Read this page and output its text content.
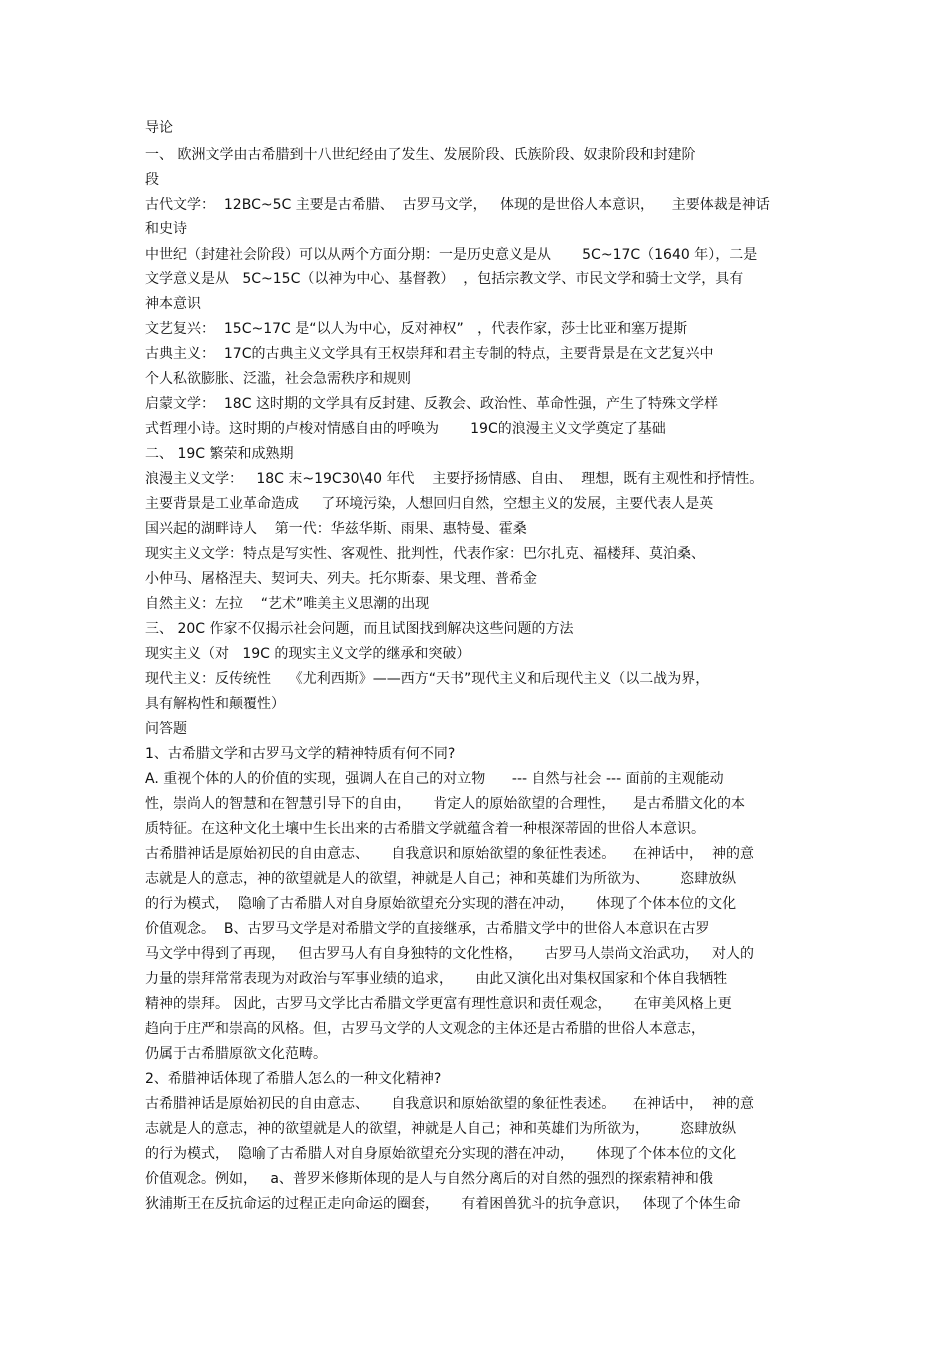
导论
一、 欧洲文学由古希腊到十八世纪经由了发生、发展阶段、氏族阶段、奴隶阶段和封建阶
段
古代文学：  12BC~5C 主要是古希腊、  古罗马文学，   体现的是世俗人本意识，    主要体裁是神话
和史诗
中世纪（封建社会阶段）可以从两个方面分期：一是历史意义是从       5C~17C（1640 年），二是
文学意义是从   5C~15C（以神为中心、基督教）  ，包括宗教文学、市民文学和骑士文学，具有
神本意识
文艺复兴：  15C~17C 是“以人为中心，反对神权”   ，代表作家，莎士比亚和塞万提斯
古典主义：  17C的古典主义文学具有王权崇拜和君主专制的特点，主要背景是在文艺复兴中
个人私欲膨胀、泛滥，社会急需秩序和规则
启蒙文学：  18C 这时期的文学具有反封建、反教会、政治性、革命性强，产生了特殊文学样
式哲理小诗。这时期的卢梭对情感自由的呼唤为       19C的浪漫主义文学奠定了基础
二、 19C 繁荣和成熟期
浪漫主义文学：   18C 末~19C30\40 年代    主要抒扬情感、自由、  理想，既有主观性和抒情性。
主要背景是工业革命造成     了环境污染，人想回归自然，空想主义的发展，主要代表人是英
国兴起的湖畔诗人    第一代：华兹华斯、雨果、惠特曼、霍桑
现实主义文学：特点是写实性、客观性、批判性，代表作家：巴尔扎克、福楼拜、莫泊桑、
小仲马、屠格涅夫、契诃夫、列夫。托尔斯泰、果戈理、普希金
自然主义：左拉    “艺术”唯美主义思潮的出现
三、 20C 作家不仅揭示社会问题，而且试图找到解决这些问题的方法
现实主义（对   19C 的现实主义文学的继承和突破）
现代主义：反传统性    《尤利西斯》——西方“天书”现代主义和后现代主义（以二战为界，
具有解构性和颠覆性）
问答题
1、古希腊文学和古罗马文学的精神特质有何不同?
A. 重视个体的人的价值的实现，强调人在自己的对立物      --- 自然与社会 --- 面前的主观能动
性，崇尚人的智慧和在智慧引导下的自由，     肯定人的原始欲望的合理性，    是古希腊文化的本
质特征。在这种文化土壤中生长出来的古希腊文学就蕴含着一种根深蒂固的世俗人本意识。
古希腊神话是原始初民的自由意志、     自我意识和原始欲望的象征性表述。    在神话中，  神的意
志就是人的意志，神的欲望就是人的欲望，神就是人自己；神和英雄们为所欲为、       恣肆放纵
的行为模式，  隐喻了古希腊人对自身原始欲望充分实现的潜在冲动，     体现了个体本位的文化
价值观念。  B、古罗马文学是对希腊文学的直接继承，古希腊文学中的世俗人本意识在古罗
马文学中得到了再现，   但古罗马人有自身独特的文化性格，     古罗马人崇尚文治武功，   对人的
力量的崇拜常常表现为对政治与军事业绩的追求，     由此又演化出对集权国家和个体自我牺牲
精神的崇拜。 因此，古罗马文学比古希腊文学更富有理性意识和责任观念，     在审美风格上更
趋向于庄严和崇高的风格。但，古罗马文学的人文观念的主体还是古希腊的世俗人本意志，
仍属于古希腊原欲文化范畴。
2、希腊神话体现了希腊人怎么的一种文化精神?
古希腊神话是原始初民的自由意志、     自我意识和原始欲望的象征性表述。    在神话中，  神的意
志就是人的意志，神的欲望就是人的欲望，神就是人自己；神和英雄们为所欲为，       恣肆放纵
的行为模式，  隐喻了古希腊人对自身原始欲望充分实现的潜在冲动，     体现了个体本位的文化
价值观念。例如，   a、普罗米修斯体现的是人与自然分离后的对自然的强烈的探索精神和俄
狄浦斯王在反抗命运的过程正走向命运的圈套，     有着困兽犹斗的抗争意识，   体现了个体生命
